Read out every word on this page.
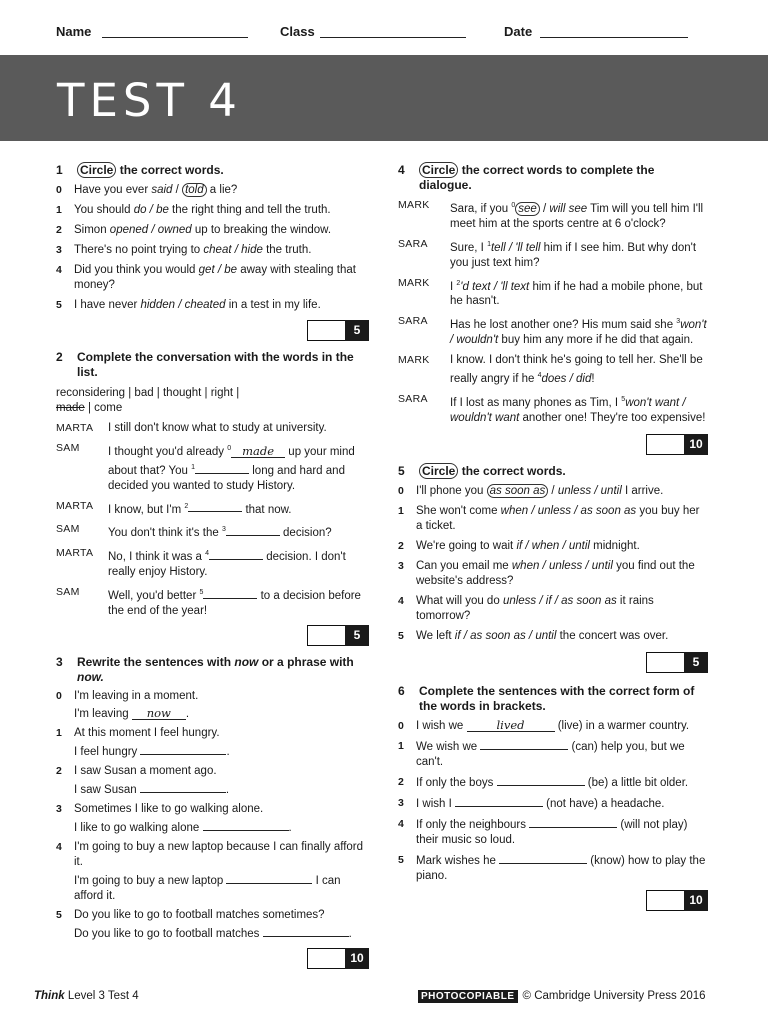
Name	Class	Date
TEST 4
1 Circle the correct words.
0 Have you ever said / told a lie?
1 You should do / be the right thing and tell the truth.
2 Simon opened / owned up to breaking the window.
3 There's no point trying to cheat / hide the truth.
4 Did you think you would get / be away with stealing that money?
5 I have never hidden / cheated in a test in my life.
5
2 Complete the conversation with the words in the list.
reconsidering | bad | thought | right |
made | come
MARTA I still don't know what to study at university.
SAM I thought you'd already $^0$ made up your mind about that? You $^1$	long and hard and decided you wanted to study History.
MARTA I know, but I'm $^2$	that now.
SAM You don't think it's the $^3$	decision?
MARTA No, I think it was a $^4$	decision. I don't really enjoy History.
SAM Well, you'd better $^5$	to a decision before the end of the year!
5
3 Rewrite the sentences with now or a phrase with now.
0 I'm leaving in a moment.
I'm leaving now .
1 At this moment I feel hungry.
I feel hungry	.
2 I saw Susan a moment ago.
I saw Susan	.
3 Sometimes I like to go walking alone.
I like to go walking alone	.
4 I'm going to buy a new laptop because I can finally afford it.
I'm going to buy a new laptop	I can afford it.
5 Do you like to go to football matches sometimes?
Do you like to go to football matches	.
10
4 Circle the correct words to complete the dialogue.
MARK Sara, if you $^0$ see / will see Tim will you tell him I'll meet him at the sports centre at 6 o'clock?
SARA Sure, I $^1$tell / 'll tell him if I see him. But why don't you just text him?
MARK I $^2$'d text / 'll text him if he had a mobile phone, but he hasn't.
SARA Has he lost another one? His mum said she $^3$won't / wouldn't buy him any more if he did that again.
MARK I know. I don't think he's going to tell her. She'll be really angry if he $^4$does / did!
SARA If I lost as many phones as Tim, I $^5$won't want / wouldn't want another one! They're too expensive!
10
5 Circle the correct words.
0 I'll phone you as soon as / unless / until I arrive.
1 She won't come when / unless / as soon as you buy her a ticket.
2 We're going to wait if / when / until midnight.
3 Can you email me when / unless / until you find out the website's address?
4 What will you do unless / if / as soon as it rains tomorrow?
5 We left if / as soon as / until the concert was over.
5
6 Complete the sentences with the correct form of the words in brackets.
0 I wish we	lived	(live) in a warmer country.
1 We wish we	(can) help you, but we can't.
2 If only the boys	(be) a little bit older.
3 I wish I	(not have) a headache.
4 If only the neighbours	(will not play) their music so loud.
5 Mark wishes he	(know) how to play the piano.
10
Think Level 3 Test 4	PHOTOCOPIABLE © Cambridge University Press 2016
